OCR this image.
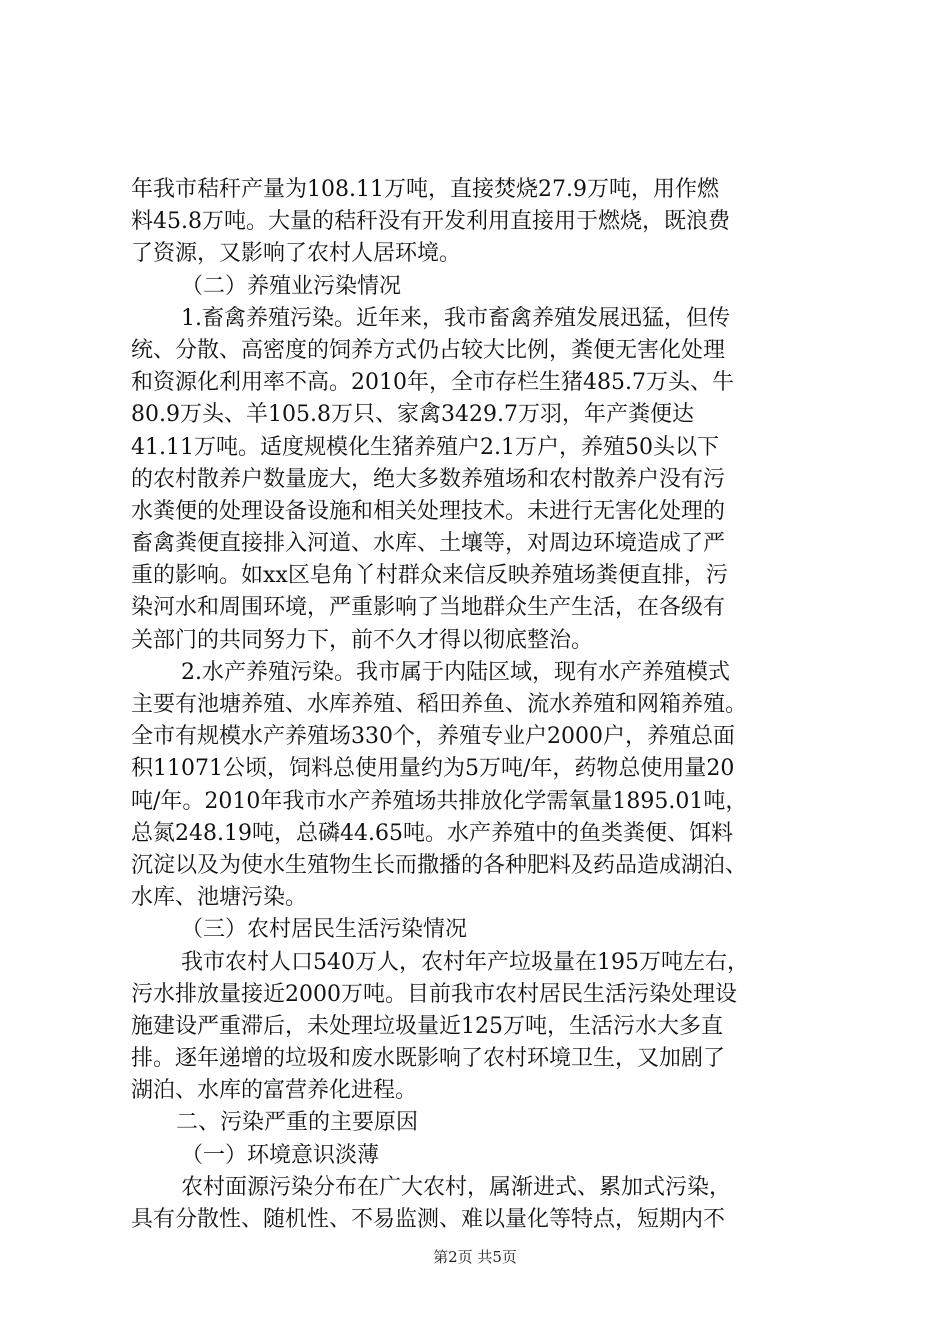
年我市秸秆产量为108.11万吨，直接焚烧27.9万吨，用作燃
料45.8万吨。大量的秸秆没有开发利用直接用于燃烧，既浪费
了资源，又影响了农村人居环境。
（二）养殖业污染情况
1.畜禽养殖污染。近年来，我市畜禽养殖发展迅猛，但传
统、分散、高密度的饲养方式仍占较大比例，粪便无害化处理
和资源化利用率不高。2010年，全市存栏生猪485.7万头、牛
80.9万头、羊105.8万只、家禽3429.7万羽，年产粪便达
41.11万吨。适度规模化生猪养殖户2.1万户，养殖50头以下
的农村散养户数量庞大，绝大多数养殖场和农村散养户没有污
水粪便的处理设备设施和相关处理技术。未进行无害化处理的
畜禽粪便直接排入河道、水库、土壤等，对周边环境造成了严
重的影响。如xx区皂角丫村群众来信反映养殖场粪便直排，污
染河水和周围环境，严重影响了当地群众生产生活，在各级有
关部门的共同努力下，前不久才得以彻底整治。
2.水产养殖污染。我市属于内陆区域，现有水产养殖模式
主要有池塘养殖、水库养殖、稻田养鱼、流水养殖和网箱养殖。
全市有规模水产养殖场330个，养殖专业户2000户，养殖总面
积11071公顷，饲料总使用量约为5万吨/年，药物总使用量20
吨/年。2010年我市水产养殖场共排放化学需氧量1895.01吨，
总氮248.19吨，总磷44.65吨。水产养殖中的鱼类粪便、饵料
沉淀以及为使水生殖物生长而撒播的各种肥料及药品造成湖泊、
水库、池塘污染。
（三）农村居民生活污染情况
我市农村人口540万人，农村年产垃圾量在195万吨左右，
污水排放量接近2000万吨。目前我市农村居民生活污染处理设
施建设严重滞后，未处理垃圾量近125万吨，生活污水大多直
排。逐年递增的垃圾和废水既影响了农村环境卫生，又加剧了
湖泊、水库的富营养化进程。
二、污染严重的主要原因
（一）环境意识淡薄
农村面源污染分布在广大农村，属渐进式、累加式污染，
具有分散性、随机性、不易监测、难以量化等特点，短期内不
第2页 共5页
